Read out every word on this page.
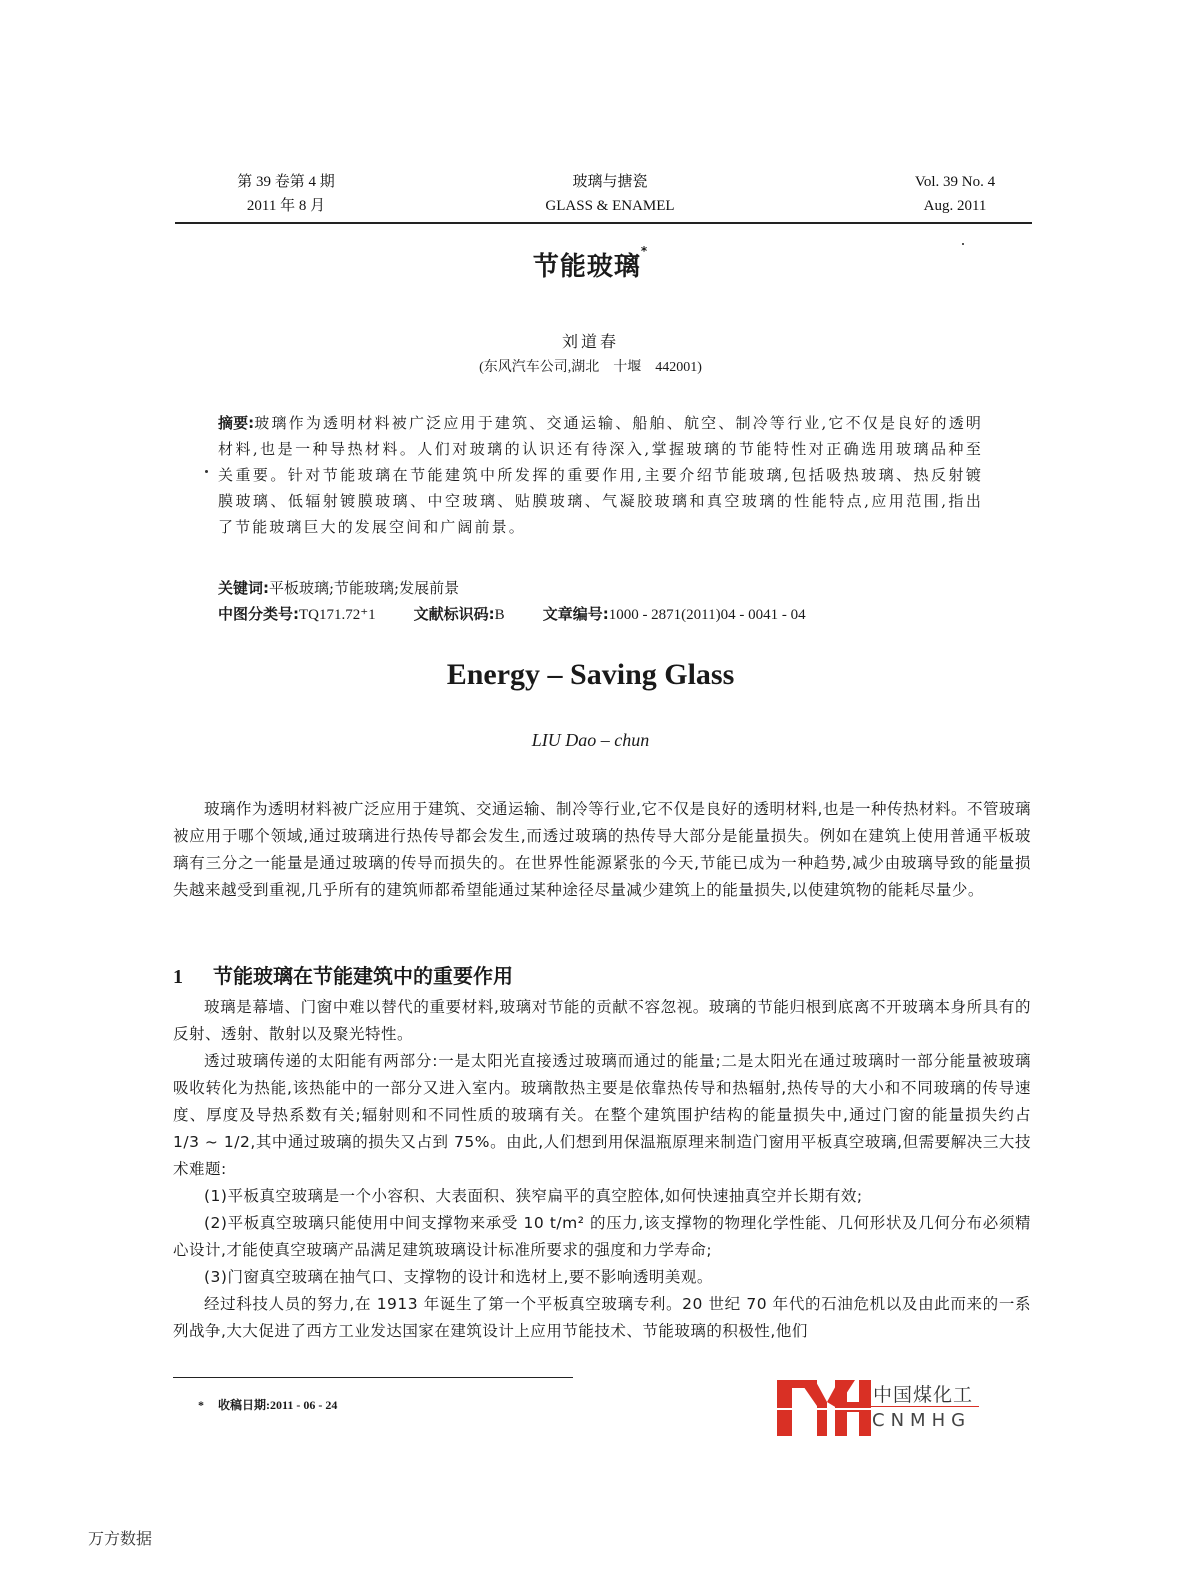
第 39 卷第 4 期
2011 年 8 月
玻璃与搪瓷
GLASS & ENAMEL
Vol. 39 No. 4
Aug. 2011
节能玻璃*
刘道春
(东风汽车公司,湖北　十堰　442001)
摘要:玻璃作为透明材料被广泛应用于建筑、交通运输、船舶、航空、制冷等行业,它不仅是良好的透明材料,也是一种导热材料。人们对玻璃的认识还有待深入,掌握玻璃的节能特性对正确选用玻璃品种至关重要。针对节能玻璃在节能建筑中所发挥的重要作用,主要介绍节能玻璃,包括吸热玻璃、热反射镀膜玻璃、低辐射镀膜玻璃、中空玻璃、贴膜玻璃、气凝胶玻璃和真空玻璃的性能特点,应用范围,指出了节能玻璃巨大的发展空间和广阔前景。
关键词:平板玻璃;节能玻璃;发展前景
中图分类号:TQ171.72⁺1	文献标识码:B	文章编号:1000 - 2871(2011)04 - 0041 - 04
Energy – Saving Glass
LIU Dao – chun

玻璃作为透明材料被广泛应用于建筑、交通运输、制冷等行业,它不仅是良好的透明材料,也是一种传热材料。不管玻璃被应用于哪个领域,通过玻璃进行热传导都会发生,而透过玻璃的热传导大部分是能量损失。例如在建筑上使用普通平板玻璃有三分之一能量是通过玻璃的传导而损失的。在世界性能源紧张的今天,节能已成为一种趋势,减少由玻璃导致的能量损失越来越受到重视,几乎所有的建筑师都希望能通过某种途径尽量减少建筑上的能量损失,以使建筑物的能耗尽量少。

1 节能玻璃在节能建筑中的重要作用

玻璃是幕墙、门窗中难以替代的重要材料,玻璃对节能的贡献不容忽视。玻璃的节能归根到底离不开玻璃本身所具有的反射、透射、散射以及聚光特性。

透过玻璃传递的太阳能有两部分:一是太阳光直接透过玻璃而通过的能量;二是太阳光在通过玻璃时一部分能量被玻璃吸收转化为热能,该热能中的一部分又进入室内。玻璃散热主要是依靠热传导和热辐射,热传导的大小和不同玻璃的传导速度、厚度及导热系数有关;辐射则和不同性质的玻璃有关。在整个建筑围护结构的能量损失中,通过门窗的能量损失约占 1/3 ~ 1/2,其中通过玻璃的损失又占到 75%。由此,人们想到用保温瓶原理来制造门窗用平板真空玻璃,但需要解决三大技术难题:

(1)平板真空玻璃是一个小容积、大表面积、狭窄扁平的真空腔体,如何快速抽真空并长期有效;

(2)平板真空玻璃只能使用中间支撑物来承受 10 t/m² 的压力,该支撑物的物理化学性能、几何形状及几何分布必须精心设计,才能使真空玻璃产品满足建筑玻璃设计标准所要求的强度和力学寿命;

(3)门窗真空玻璃在抽气口、支撑物的设计和选材上,要不影响透明美观。

经过科技人员的努力,在 1913 年诞生了第一个平板真空玻璃专利。20 世纪 70 年代的石油危机以及由此而来的一系列战争,大大促进了西方工业发达国家在建筑设计上应用节能技术、节能玻璃的积极性,他们

* 收稿日期:2011 - 06 - 24	中国煤化工
CNMHG
万方数据
